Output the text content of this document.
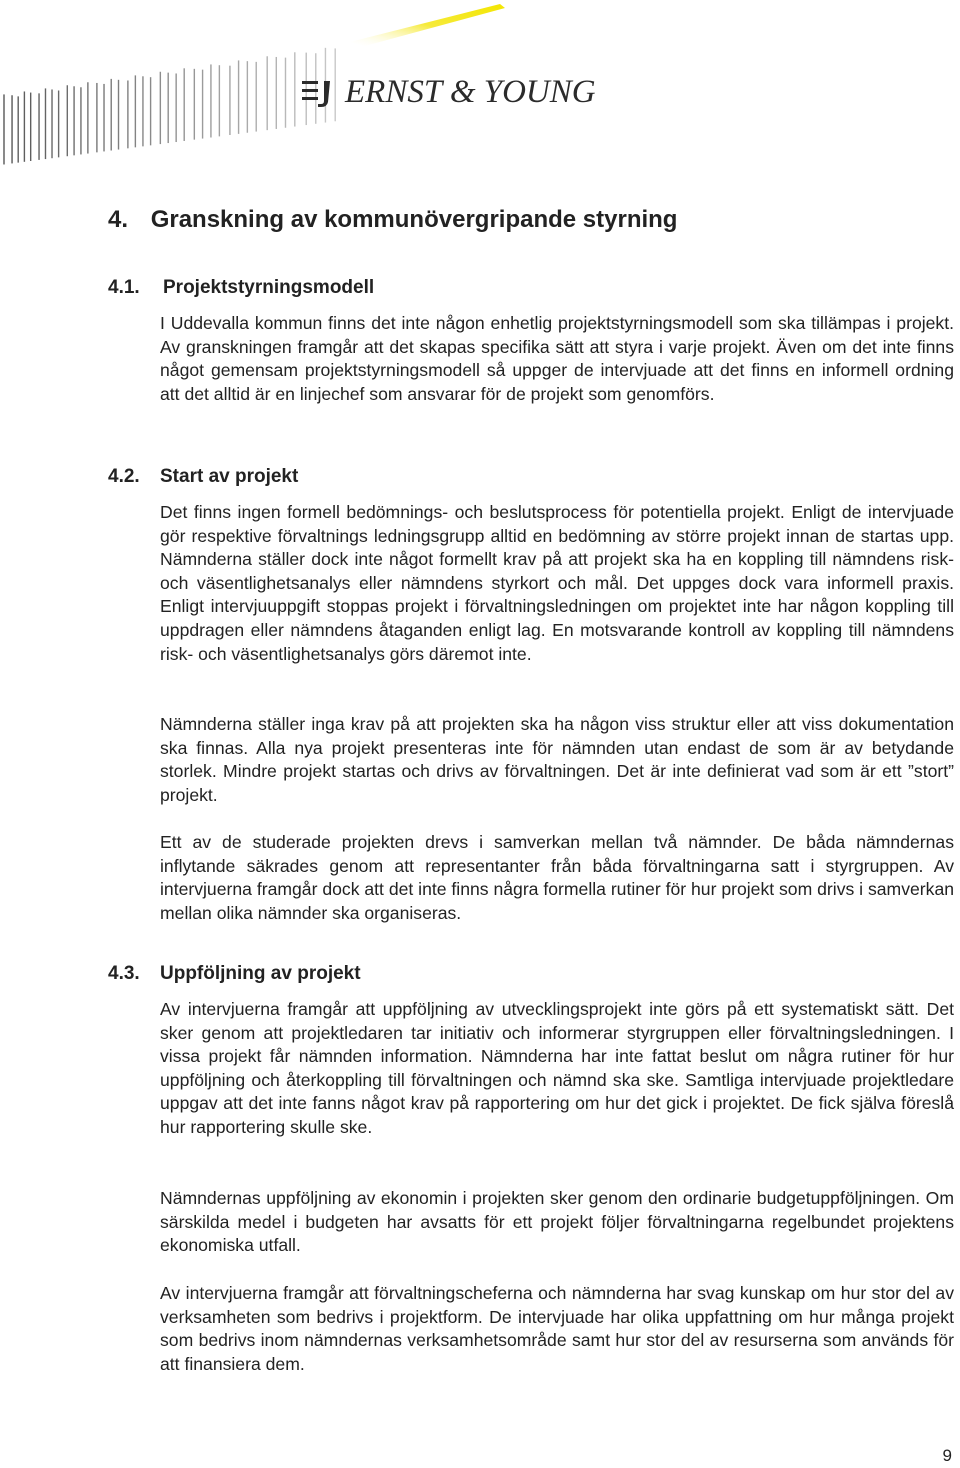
ERNST & YOUNG
4. Granskning av kommunövergripande styrning
4.1. Projektstyrningsmodell

I Uddevalla kommun finns det inte någon enhetlig projektstyrningsmodell som ska tillämpas i projekt. Av granskningen framgår att det skapas specifika sätt att styra i varje projekt. Även om det inte finns något gemensam projektstyrningsmodell så uppger de intervjuade att det finns en informell ordning att det alltid är en linjechef som ansvarar för de projekt som genomförs.

4.2. Start av projekt

Det finns ingen formell bedömnings- och beslutsprocess för potentiella projekt. Enligt de intervjuade gör respektive förvaltnings ledningsgrupp alltid en bedömning av större projekt innan de startas upp. Nämnderna ställer dock inte något formellt krav på att projekt ska ha en koppling till nämndens risk- och väsentlighetsanalys eller nämndens styrkort och mål. Det uppges dock vara informell praxis. Enligt intervjuuppgift stoppas projekt i förvaltningsledningen om projektet inte har någon koppling till uppdragen eller nämndens åtaganden enligt lag. En motsvarande kontroll av koppling till nämndens risk- och väsentlighetsanalys görs däremot inte.

Nämnderna ställer inga krav på att projekten ska ha någon viss struktur eller att viss dokumentation ska finnas. Alla nya projekt presenteras inte för nämnden utan endast de som är av betydande storlek. Mindre projekt startas och drivs av förvaltningen. Det är inte definierat vad som är ett ”stort” projekt.

Ett av de studerade projekten drevs i samverkan mellan två nämnder. De båda nämndernas inflytande säkrades genom att representanter från båda förvaltningarna satt i styrgruppen. Av intervjuerna framgår dock att det inte finns några formella rutiner för hur projekt som drivs i samverkan mellan olika nämnder ska organiseras.

4.3. Uppföljning av projekt

Av intervjuerna framgår att uppföljning av utvecklingsprojekt inte görs på ett systematiskt sätt. Det sker genom att projektledaren tar initiativ och informerar styrgruppen eller förvaltningsledningen. I vissa projekt får nämnden information. Nämnderna har inte fattat beslut om några rutiner för hur uppföljning och återkoppling till förvaltningen och nämnd ska ske. Samtliga intervjuade projektledare uppgav att det inte fanns något krav på rapportering om hur det gick i projektet. De fick själva föreslå hur rapportering skulle ske.

Nämndernas uppföljning av ekonomin i projekten sker genom den ordinarie budgetuppföljningen. Om särskilda medel i budgeten har avsatts för ett projekt följer förvaltningarna regelbundet projektens ekonomiska utfall.

Av intervjuerna framgår att förvaltningscheferna och nämnderna har svag kunskap om hur stor del av verksamheten som bedrivs i projektform. De intervjuade har olika uppfattning om hur många projekt som bedrivs inom nämndernas verksamhetsområde samt hur stor del av resurserna som används för att finansiera dem.

9
